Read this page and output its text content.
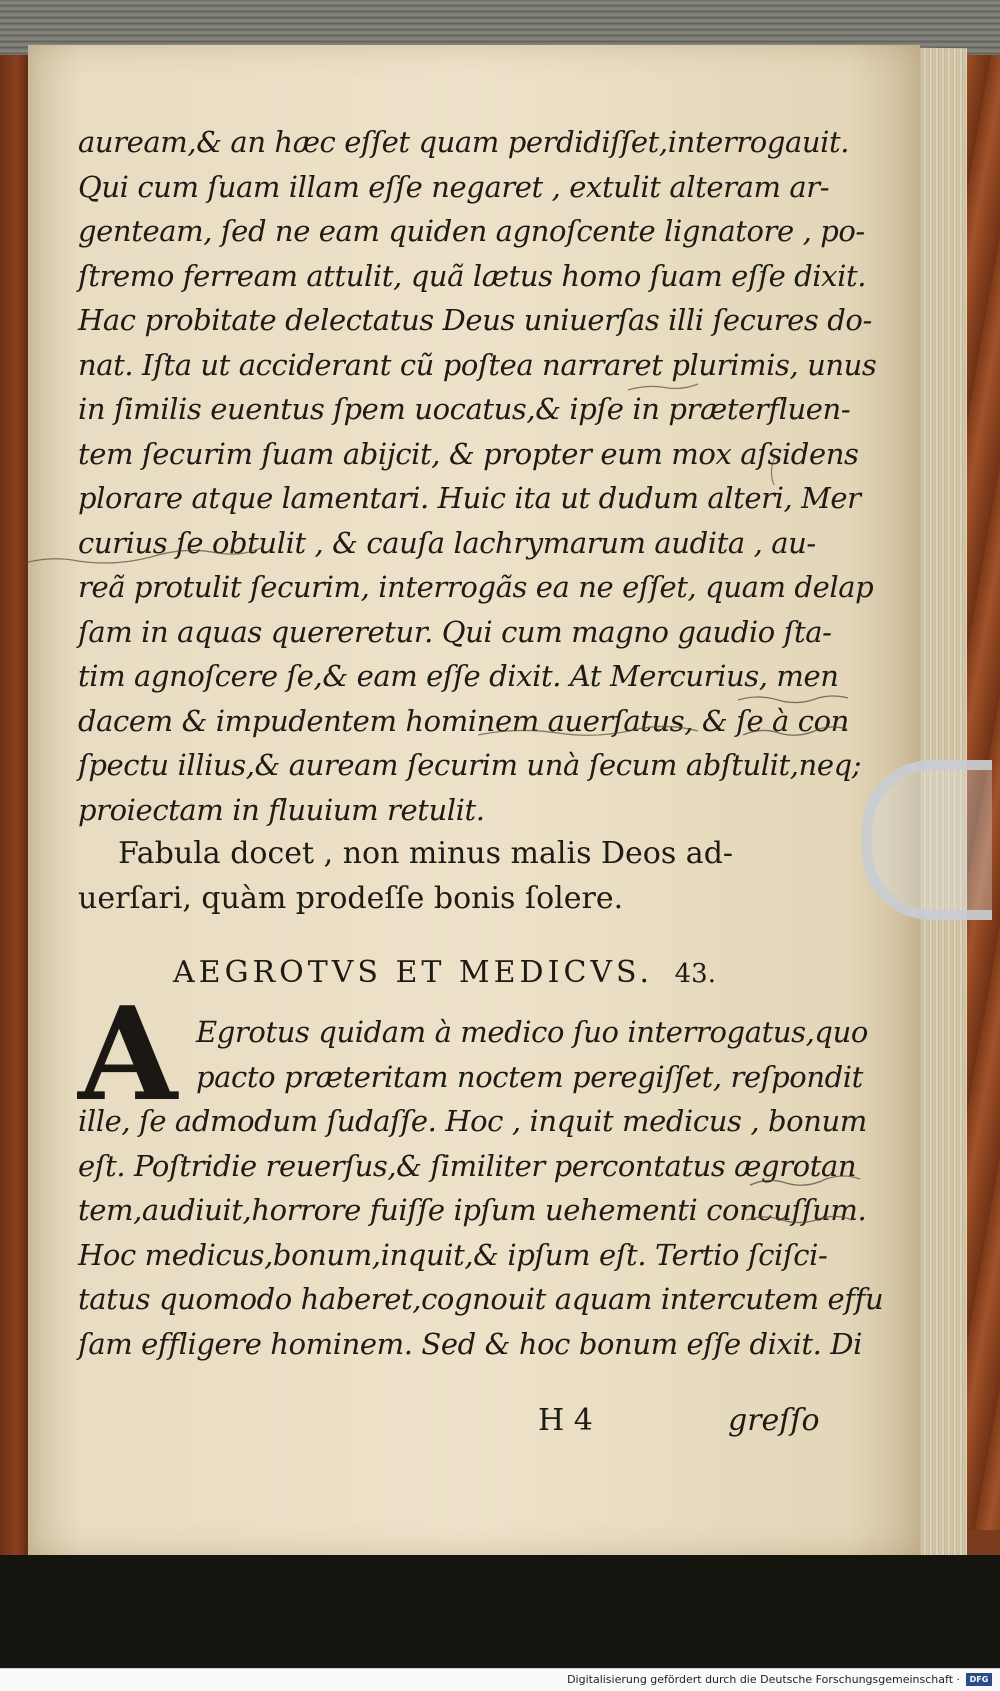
auream,& an hæc eſſet quam perdidiſſet,interrogauit.
Qui cum ſuam illam eſſe negaret , extulit alteram ar-
genteam, ſed ne eam quiden agnoſcente lignatore , po-
ſtremo ferream attulit, quã lætus homo ſuam eſſe dixit.
Hac probitate delectatus Deus uniuerſas illi ſecures do-
nat. Iſta ut acciderant cũ poſtea narraret plurimis, unus
in ſimilis euentus ſpem uocatus,& ipſe in præterfluen-
tem ſecurim ſuam abijcit, & propter eum mox aſsidens
plorare atque lamentari. Huic ita ut dudum alteri, Mer
curius ſe obtulit , & cauſa lachrymarum audita , au-
reã protulit ſecurim, interrogãs ea ne eſſet, quam delap
ſam in aquas quereretur. Qui cum magno gaudio ſta-
tim agnoſcere ſe,& eam eſſe dixit. At Mercurius, men
dacem & impudentem hominem auerſatus, & ſe à con
ſpectu illius,& auream ſecurim unà ſecum abſtulit,neq;
proiectam in fluuium retulit.
Fabula docet , non minus malis Deos ad-
uerſari, quàm prodeſſe bonis ſolere.
AEGROTVS ET MEDICVS. 43.
A Egrotus quidam à medico ſuo interrogatus,quo
pacto præteritam noctem peregiſſet, reſpondit
ille, ſe admodum ſudaſſe. Hoc , inquit medicus , bonum
eſt. Poſtridie reuerſus,& ſimiliter percontatus ægrotan
tem,audiuit,horrore fuiſſe ipſum uehementi concuſſum.
Hoc medicus,bonum,inquit,& ipſum eſt. Tertio ſciſci-
tatus quomodo haberet,cognouit aquam intercutem effu
ſam effligere hominem. Sed & hoc bonum eſſe dixit. Di
H 4	greſſo
Digitalisierung gefördert durch die Deutsche Forschungsgemeinschaft ·	DFG
